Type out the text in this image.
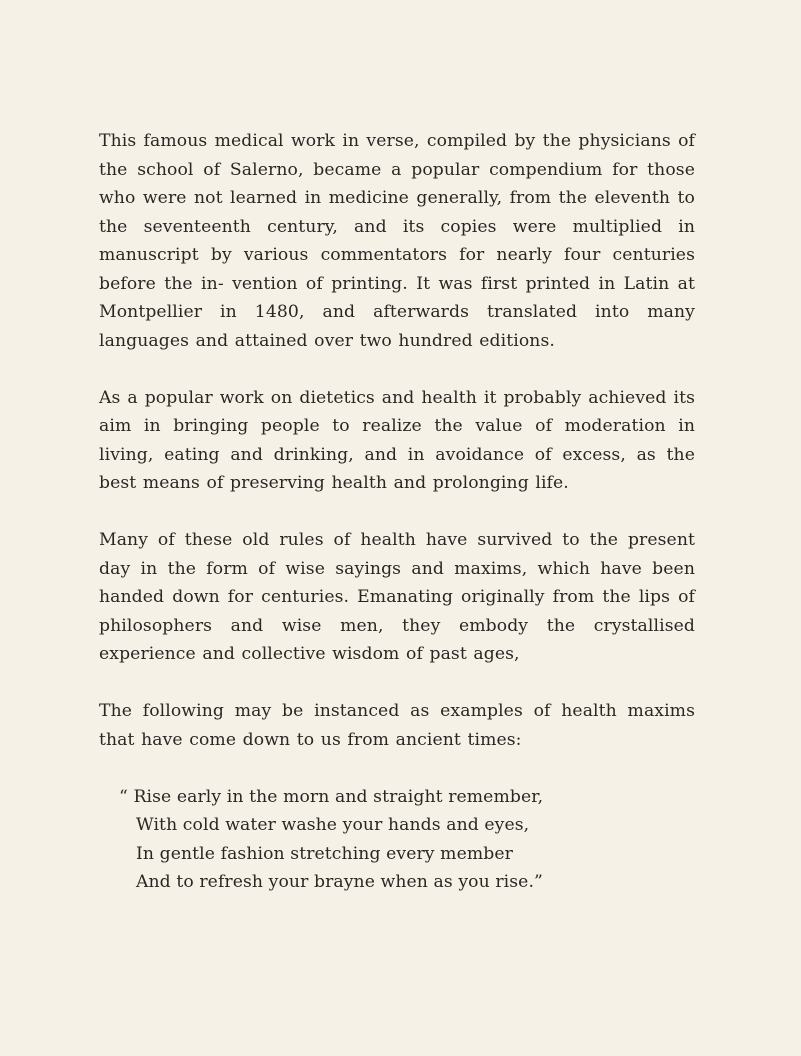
This famous medical work in verse, compiled by the physicians of the school of Salerno, became a popular compendium for those who were not learned in medicine generally, from the eleventh to the seventeenth century, and its copies were multiplied in manuscript by various commentators for nearly four centuries before the in- vention of printing. It was first printed in Latin at Montpellier in 1480, and afterwards translated into many languages and attained over two hundred editions.

As a popular work on dietetics and health it probably achieved its aim in bringing people to realize the value of moderation in living, eating and drinking, and in avoidance of excess, as the best means of preserving health and prolonging life.

Many of these old rules of health have survived to the present day in the form of wise sayings and maxims, which have been handed down for centuries. Emanating originally from the lips of philosophers and wise men, they embody the crystallised experience and collective wisdom of past ages,

The following may be instanced as examples of health maxims that have come down to us from ancient times:

“ Rise early in the morn and straight remember,
With cold water washe your hands and eyes,
In gentle fashion stretching every member
And to refresh your brayne when as you rise.”
